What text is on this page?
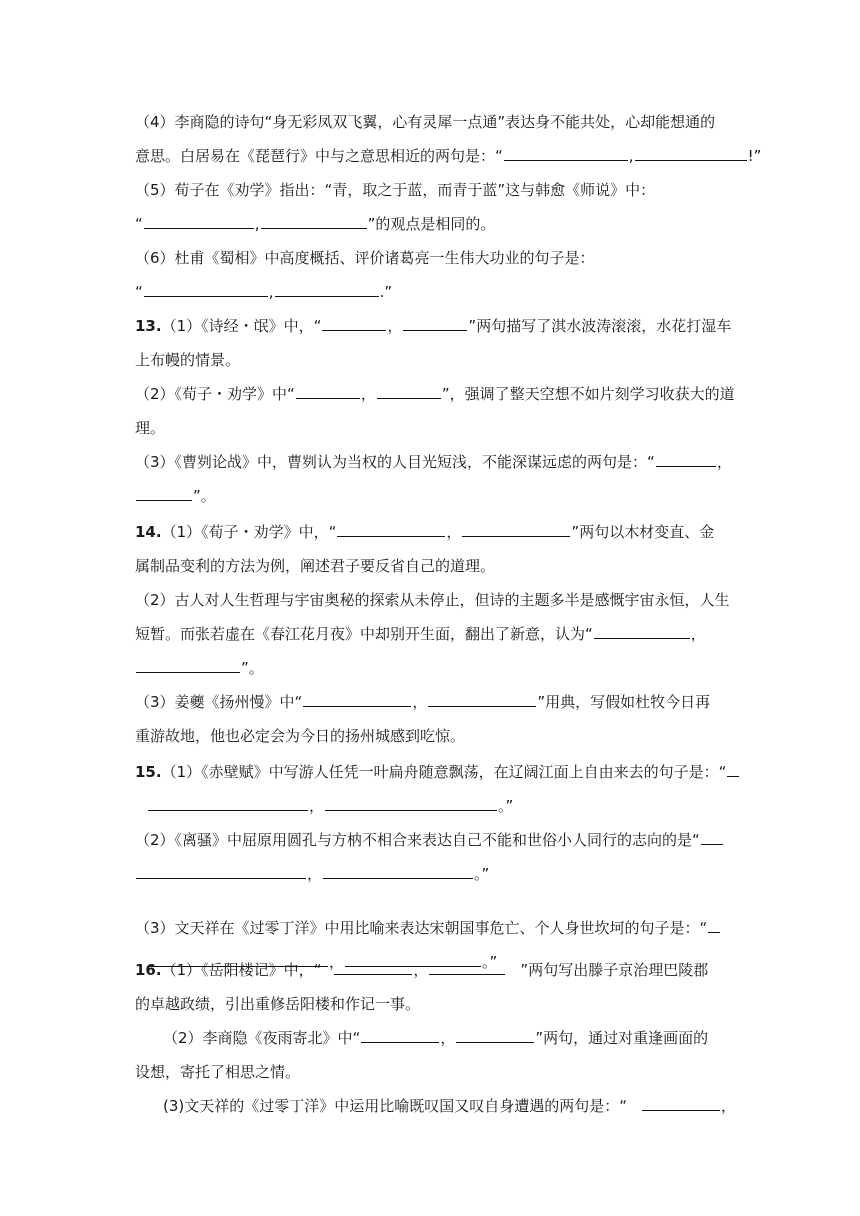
（4）李商隐的诗句“身无彩凤双飞翼，心有灵犀一点通”表达身不能共处，心却能想通的
意思。白居易在《琵琶行》中与之意思相近的两句是：“	,	!”
（5）荀子在《劝学》指出：“青，取之于蓝，而青于蓝”这与韩愈《师说》中：
“	,	”的观点是相同的。
（6）杜甫《蜀相》中高度概括、评价诸葛亮一生伟大功业的句子是：
“	,	.”
13.（1）《诗经・氓》中，“	，	”两句描写了淇水波涛滚滚，水花打湿车
上布幔的情景。
（2）《荀子・劝学》中“	，	”，强调了整天空想不如片刻学习收获大的道
理。
（3）《曹刿论战》中，曹刿认为当权的人目光短浅，不能深谋远虑的两句是：“	，
”。
14.（1）《荀子・劝学》中，“	，	”两句以木材变直、金
属制品变利的方法为例，阐述君子要反省自己的道理。
（2）古人对人生哲理与宇宙奥秘的探索从未停止，但诗的主题多半是感慨宇宙永恒，人生
短暂。而张若虚在《春江花月夜》中却别开生面，翻出了新意，认为“	，
”。
（3）姜夔《扬州慢》中“	，	”用典，写假如杜牧今日再
重游故地，他也必定会为今日的扬州城感到吃惊。
15.（1）《赤壁赋》中写游人任凭一叶扁舟随意飘荡，在辽阔江面上自由来去的句子是：“
，	。”
（2）《离骚》中屈原用圆孔与方枘不相合来表达自己不能和世俗小人同行的志向的是“
，	。”
（3）文天祥在《过零丁洋》中用比喻来表达宋朝国事危亡、个人身世坎坷的句子是：“
，	。”
16.（1）《岳阳楼记》中，“	，	”两句写出滕子京治理巴陵郡
的卓越政绩，引出重修岳阳楼和作记一事。
（2）李商隐《夜雨寄北》中“	，	”两句，通过对重逢画面的
设想，寄托了相思之情。
(3)文天祥的《过零丁洋》中运用比喻既叹国又叹自身遭遇的两句是：“	，
